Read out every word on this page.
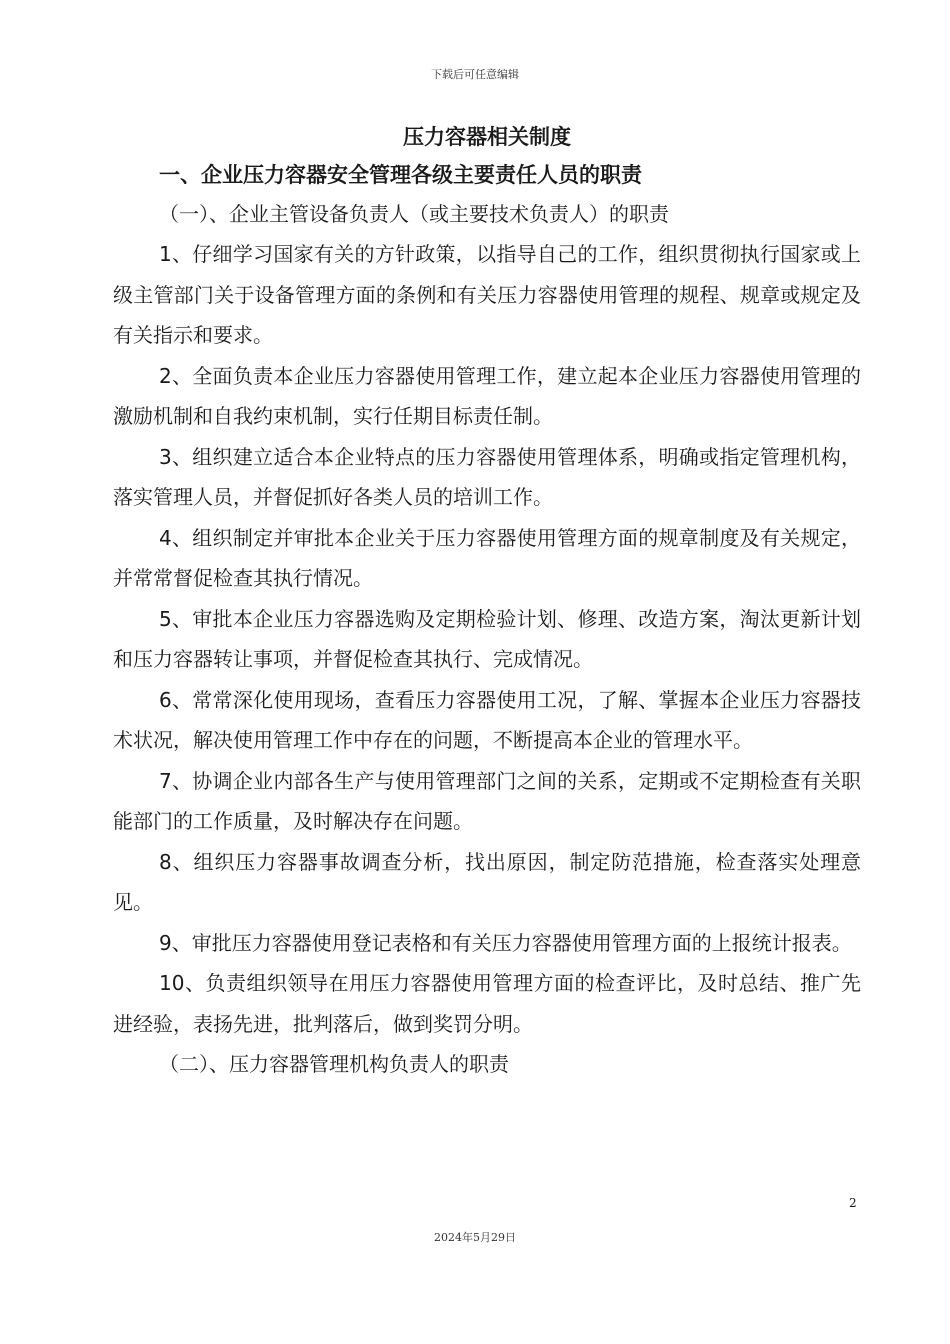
下载后可任意编辑
压力容器相关制度
一、企业压力容器安全管理各级主要责任人员的职责
（一）、企业主管设备负责人（或主要技术负责人）的职责

1、仔细学习国家有关的方针政策，以指导自己的工作，组织贯彻执行国家或上级主管部门关于设备管理方面的条例和有关压力容器使用管理的规程、规章或规定及有关指示和要求。

2、全面负责本企业压力容器使用管理工作，建立起本企业压力容器使用管理的激励机制和自我约束机制，实行任期目标责任制。

3、组织建立适合本企业特点的压力容器使用管理体系，明确或指定管理机构，落实管理人员，并督促抓好各类人员的培训工作。

4、组织制定并审批本企业关于压力容器使用管理方面的规章制度及有关规定，并常常督促检查其执行情况。

5、审批本企业压力容器选购及定期检验计划、修理、改造方案，淘汰更新计划和压力容器转让事项，并督促检查其执行、完成情况。

6、常常深化使用现场，查看压力容器使用工况，了解、掌握本企业压力容器技术状况，解决使用管理工作中存在的问题，不断提高本企业的管理水平。

7、协调企业内部各生产与使用管理部门之间的关系，定期或不定期检查有关职能部门的工作质量，及时解决存在问题。

8、组织压力容器事故调查分析，找出原因，制定防范措施，检查落实处理意见。

9、审批压力容器使用登记表格和有关压力容器使用管理方面的上报统计报表。

10、负责组织领导在用压力容器使用管理方面的检查评比，及时总结、推广先进经验，表扬先进，批判落后，做到奖罚分明。

（二）、压力容器管理机构负责人的职责
2
2024年5月29日
